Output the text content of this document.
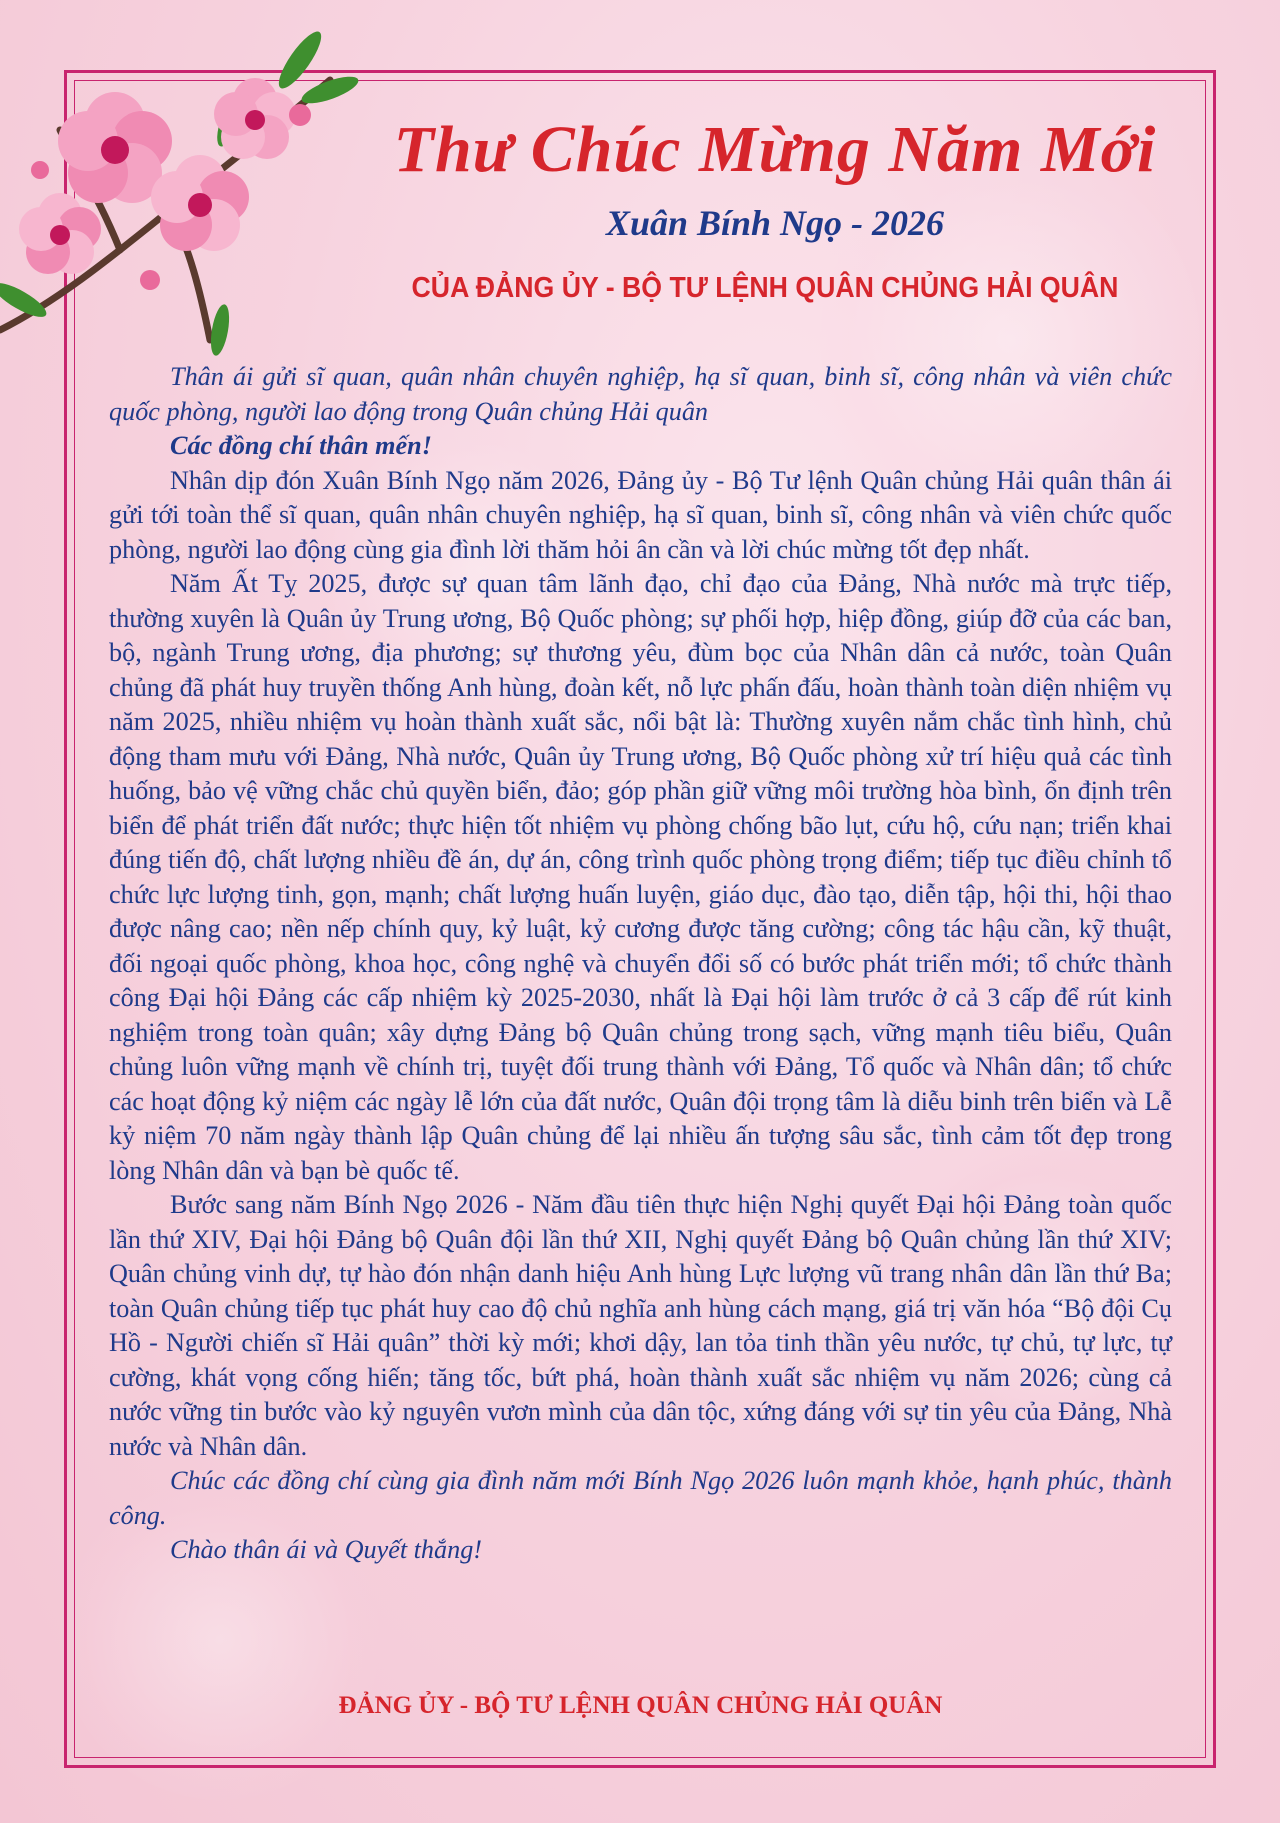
Thư Chúc Mừng Năm Mới
Xuân Bính Ngọ - 2026
CỦA ĐẢNG ỦY - BỘ TƯ LỆNH QUÂN CHỦNG HẢI QUÂN

Thân ái gửi sĩ quan, quân nhân chuyên nghiệp, hạ sĩ quan, binh sĩ, công nhân và viên chức quốc phòng, người lao động trong Quân chủng Hải quân

Các đồng chí thân mến!

Nhân dịp đón Xuân Bính Ngọ năm 2026, Đảng ủy - Bộ Tư lệnh Quân chủng Hải quân thân ái gửi tới toàn thể sĩ quan, quân nhân chuyên nghiệp, hạ sĩ quan, binh sĩ, công nhân và viên chức quốc phòng, người lao động cùng gia đình lời thăm hỏi ân cần và lời chúc mừng tốt đẹp nhất.

Năm Ất Tỵ 2025, được sự quan tâm lãnh đạo, chỉ đạo của Đảng, Nhà nước mà trực tiếp, thường xuyên là Quân ủy Trung ương, Bộ Quốc phòng; sự phối hợp, hiệp đồng, giúp đỡ của các ban, bộ, ngành Trung ương, địa phương; sự thương yêu, đùm bọc của Nhân dân cả nước, toàn Quân chủng đã phát huy truyền thống Anh hùng, đoàn kết, nỗ lực phấn đấu, hoàn thành toàn diện nhiệm vụ năm 2025, nhiều nhiệm vụ hoàn thành xuất sắc, nổi bật là: Thường xuyên nắm chắc tình hình, chủ động tham mưu với Đảng, Nhà nước, Quân ủy Trung ương, Bộ Quốc phòng xử trí hiệu quả các tình huống, bảo vệ vững chắc chủ quyền biển, đảo; góp phần giữ vững môi trường hòa bình, ổn định trên biển để phát triển đất nước; thực hiện tốt nhiệm vụ phòng chống bão lụt, cứu hộ, cứu nạn; triển khai đúng tiến độ, chất lượng nhiều đề án, dự án, công trình quốc phòng trọng điểm; tiếp tục điều chỉnh tổ chức lực lượng tinh, gọn, mạnh; chất lượng huấn luyện, giáo dục, đào tạo, diễn tập, hội thi, hội thao được nâng cao; nền nếp chính quy, kỷ luật, kỷ cương được tăng cường; công tác hậu cần, kỹ thuật, đối ngoại quốc phòng, khoa học, công nghệ và chuyển đổi số có bước phát triển mới; tổ chức thành công Đại hội Đảng các cấp nhiệm kỳ 2025-2030, nhất là Đại hội làm trước ở cả 3 cấp để rút kinh nghiệm trong toàn quân; xây dựng Đảng bộ Quân chủng trong sạch, vững mạnh tiêu biểu, Quân chủng luôn vững mạnh về chính trị, tuyệt đối trung thành với Đảng, Tổ quốc và Nhân dân; tổ chức các hoạt động kỷ niệm các ngày lễ lớn của đất nước, Quân đội trọng tâm là diễu binh trên biển và Lễ kỷ niệm 70 năm ngày thành lập Quân chủng để lại nhiều ấn tượng sâu sắc, tình cảm tốt đẹp trong lòng Nhân dân và bạn bè quốc tế.

Bước sang năm Bính Ngọ 2026 - Năm đầu tiên thực hiện Nghị quyết Đại hội Đảng toàn quốc lần thứ XIV, Đại hội Đảng bộ Quân đội lần thứ XII, Nghị quyết Đảng bộ Quân chủng lần thứ XIV; Quân chủng vinh dự, tự hào đón nhận danh hiệu Anh hùng Lực lượng vũ trang nhân dân lần thứ Ba; toàn Quân chủng tiếp tục phát huy cao độ chủ nghĩa anh hùng cách mạng, giá trị văn hóa “Bộ đội Cụ Hồ - Người chiến sĩ Hải quân” thời kỳ mới; khơi dậy, lan tỏa tinh thần yêu nước, tự chủ, tự lực, tự cường, khát vọng cống hiến; tăng tốc, bứt phá, hoàn thành xuất sắc nhiệm vụ năm 2026; cùng cả nước vững tin bước vào kỷ nguyên vươn mình của dân tộc, xứng đáng với sự tin yêu của Đảng, Nhà nước và Nhân dân.

Chúc các đồng chí cùng gia đình năm mới Bính Ngọ 2026 luôn mạnh khỏe, hạnh phúc, thành công.

Chào thân ái và Quyết thắng!

ĐẢNG ỦY - BỘ TƯ LỆNH QUÂN CHỦNG HẢI QUÂN
